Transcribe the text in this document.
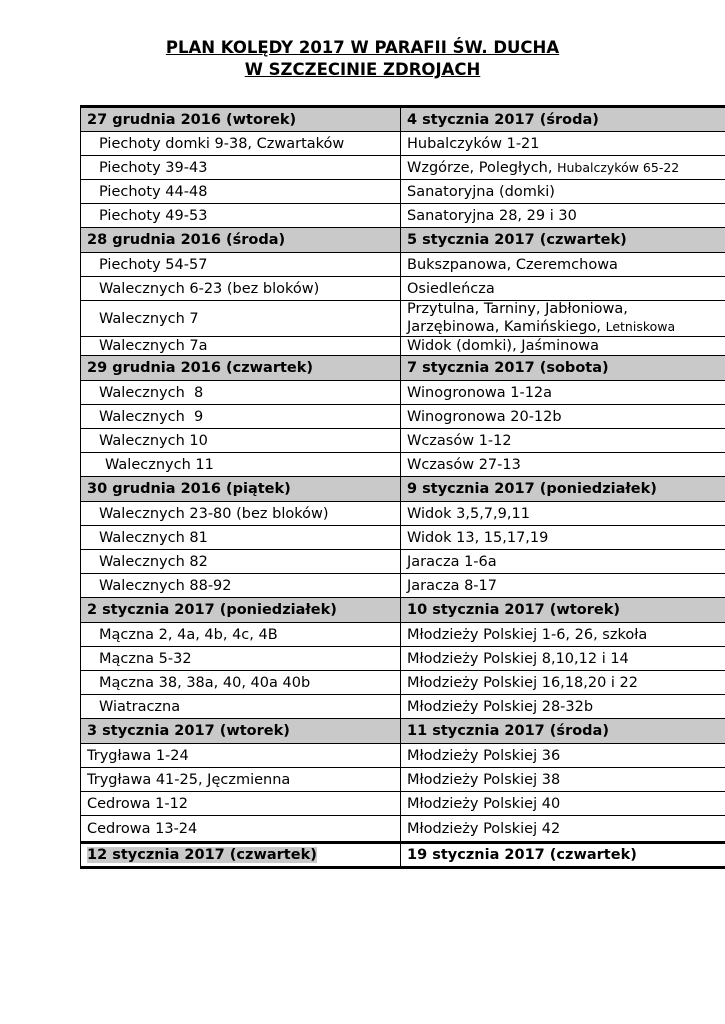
PLAN KOLĘDY 2017 W PARAFII ŚW. DUCHA
W SZCZECINIE ZDROJACH
27 grudnia 2016 (wtorek)	4 stycznia 2017 (środa)
Piechoty domki 9-38, Czwartaków	Hubalczyków 1-21
Piechoty 39-43	Wzgórze, Poległych, Hubalczyków 65-22
Piechoty 44-48	Sanatoryjna (domki)
Piechoty 49-53	Sanatoryjna 28, 29 i 30
28 grudnia 2016 (środa)	5 stycznia 2017 (czwartek)
Piechoty 54-57	Bukszpanowa, Czeremchowa
Walecznych 6-23 (bez bloków)	Osiedleńcza
Walecznych 7	Przytulna, Tarniny, Jabłoniowa, Jarzębinowa, Kamińskiego, Letniskowa
Walecznych 7a	Widok (domki), Jaśminowa
29 grudnia 2016 (czwartek)	7 stycznia 2017 (sobota)
Walecznych  8	Winogronowa 1-12a
Walecznych  9	Winogronowa 20-12b
Walecznych 10	Wczasów 1-12
Walecznych 11	Wczasów 27-13
30 grudnia 2016 (piątek)	9 stycznia 2017 (poniedziałek)
Walecznych 23-80 (bez bloków)	Widok 3,5,7,9,11
Walecznych 81	Widok 13, 15,17,19
Walecznych 82	Jaracza 1-6a
Walecznych 88-92	Jaracza 8-17
2 stycznia 2017 (poniedziałek)	10 stycznia 2017 (wtorek)
Mączna 2, 4a, 4b, 4c, 4B	Młodzieży Polskiej 1-6, 26, szkoła
Mączna 5-32	Młodzieży Polskiej 8,10,12 i 14
Mączna 38, 38a, 40, 40a 40b	Młodzieży Polskiej 16,18,20 i 22
Wiatraczna	Młodzieży Polskiej 28-32b
3 stycznia 2017 (wtorek)	11 stycznia 2017 (środa)
Trygława 1-24	Młodzieży Polskiej 36
Trygława 41-25, Jęczmienna	Młodzieży Polskiej 38
Cedrowa 1-12	Młodzieży Polskiej 40
Cedrowa 13-24	Młodzieży Polskiej 42
12 stycznia 2017 (czwartek)	19 stycznia 2017 (czwartek)
